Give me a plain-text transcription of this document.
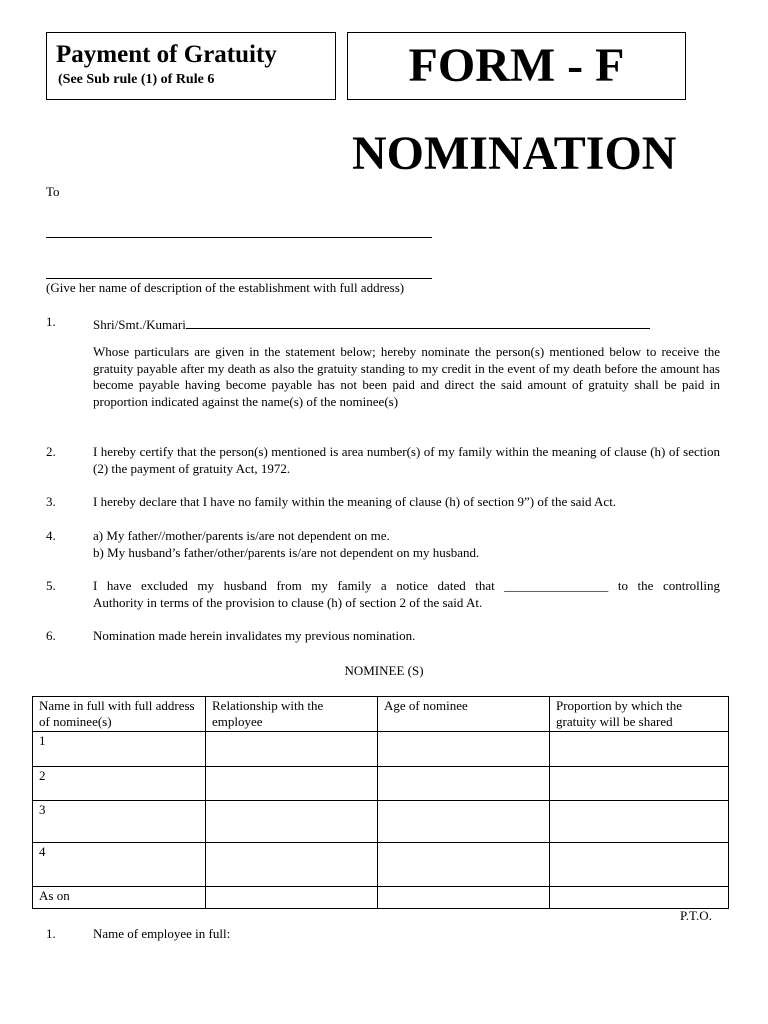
Payment of Gratuity
(See Sub rule (1) of Rule 6	FORM - F
NOMINATION
To
(Give her name of description of the establishment with full address)
1.	Shri/Smt./Kumari
Whose particulars are given in the statement below; hereby nominate the person(s) mentioned below to receive the gratuity payable after my death as also the gratuity standing to my credit in the event of my death before the amount has become payable having become payable has not been paid and direct the said amount of gratuity shall be paid in proportion indicated against the name(s) of the nominee(s)
2.	I hereby certify that the person(s) mentioned is area number(s) of my family within the meaning of clause (h) of section (2) the payment of gratuity Act, 1972.
3.	I hereby declare that I have no family within the meaning of clause (h) of section 9”) of the said Act.
4.	a) My father//mother/parents is/are not dependent on me.
b) My husband’s father/other/parents is/are not dependent on my husband.
5.	I have excluded my husband from my family a notice dated that ________________ to the controlling
Authority in terms of the provision to clause (h) of section 2 of the said At.
6.	Nomination made herein invalidates my previous nomination.
NOMINEE (S)
Name in full with full address of nominee(s)	Relationship with the employee	Age of nominee	Proportion by which the gratuity will be shared
1			
2			
3			
4			
As on			
P.T.O.
1.	Name of employee in full:
